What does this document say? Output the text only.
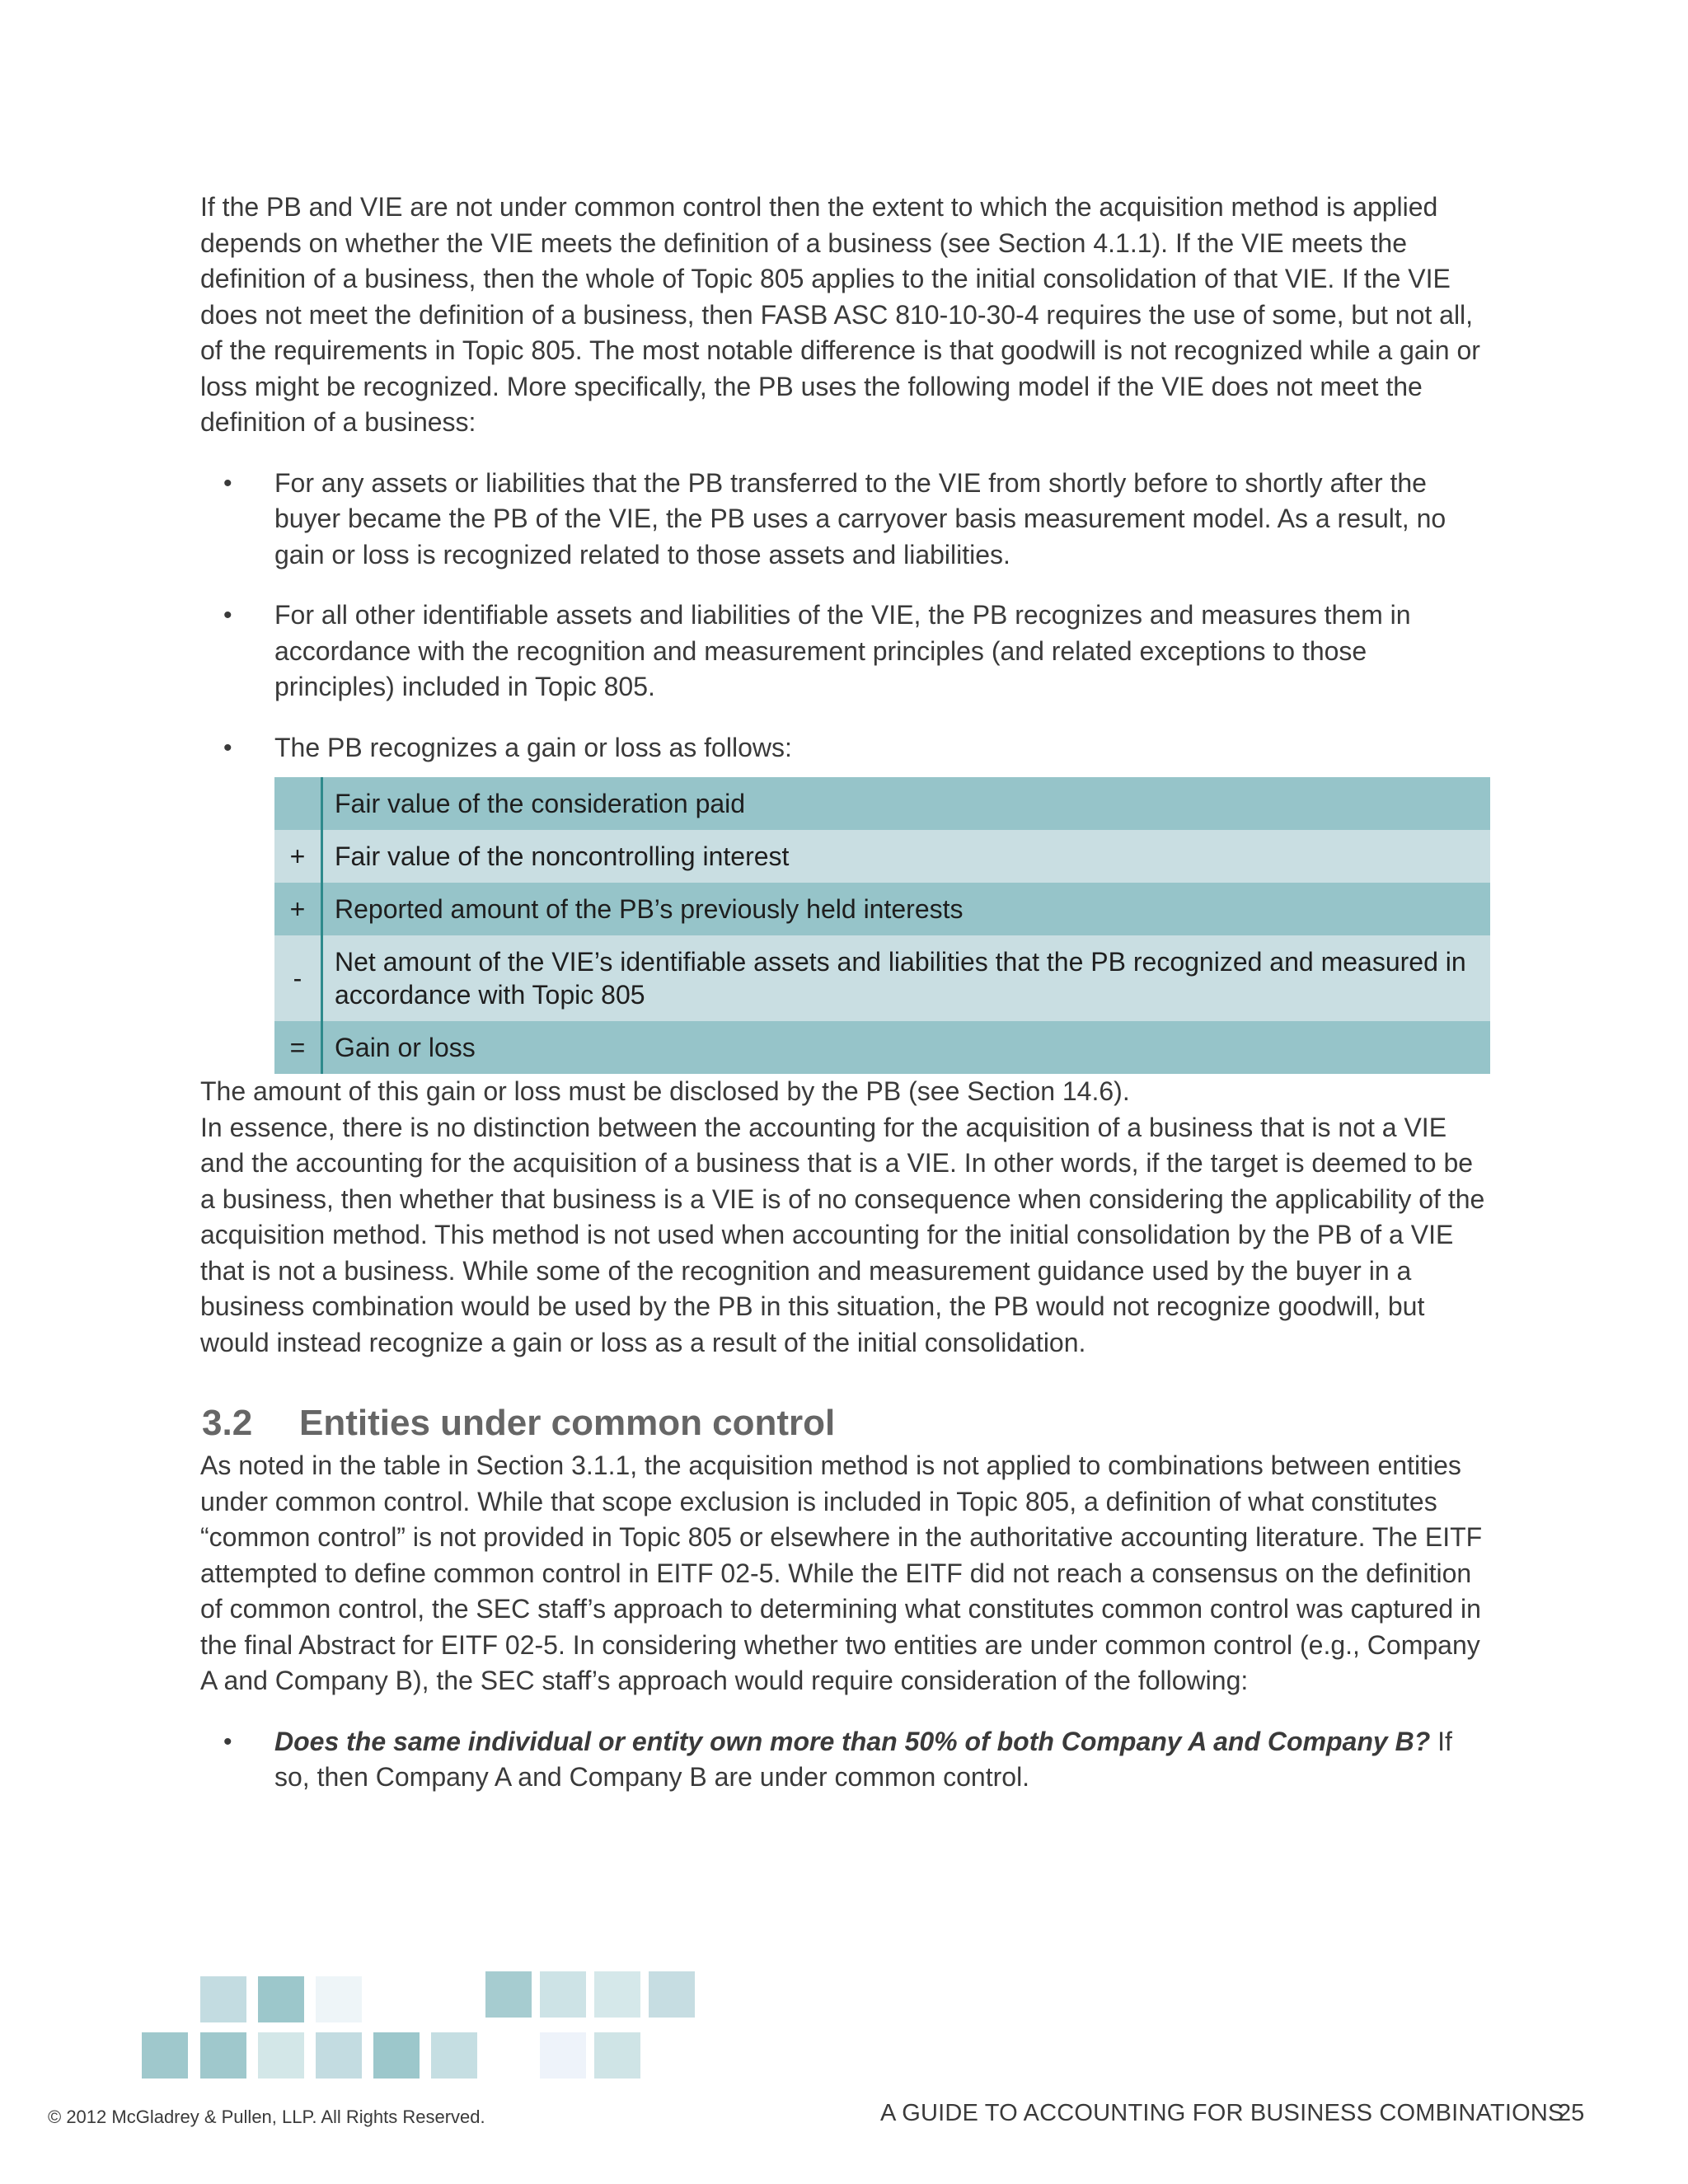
If the PB and VIE are not under common control then the extent to which the acquisition method is applied depends on whether the VIE meets the definition of a business (see Section 4.1.1). If the VIE meets the definition of a business, then the whole of Topic 805 applies to the initial consolidation of that VIE. If the VIE does not meet the definition of a business, then FASB ASC 810-10-30-4 requires the use of some, but not all, of the requirements in Topic 805. The most notable difference is that goodwill is not recognized while a gain or loss might be recognized. More specifically, the PB uses the following model if the VIE does not meet the definition of a business:

• For any assets or liabilities that the PB transferred to the VIE from shortly before to shortly after the buyer became the PB of the VIE, the PB uses a carryover basis measurement model. As a result, no gain or loss is recognized related to those assets and liabilities.
• For all other identifiable assets and liabilities of the VIE, the PB recognizes and measures them in accordance with the recognition and measurement principles (and related exceptions to those principles) included in Topic 805.
• The PB recognizes a gain or loss as follows:
	Fair value of the consideration paid
+	Fair value of the noncontrolling interest
+	Reported amount of the PB’s previously held interests
-	Net amount of the VIE’s identifiable assets and liabilities that the PB recognized and measured in accordance with Topic 805
=	Gain or loss

The amount of this gain or loss must be disclosed by the PB (see Section 14.6).

In essence, there is no distinction between the accounting for the acquisition of a business that is not a VIE and the accounting for the acquisition of a business that is a VIE. In other words, if the target is deemed to be a business, then whether that business is a VIE is of no consequence when considering the applicability of the acquisition method. This method is not used when accounting for the initial consolidation by the PB of a VIE that is not a business. While some of the recognition and measurement guidance used by the buyer in a business combination would be used by the PB in this situation, the PB would not recognize goodwill, but would instead recognize a gain or loss as a result of the initial consolidation.

3.2	Entities under common control

As noted in the table in Section 3.1.1, the acquisition method is not applied to combinations between entities under common control. While that scope exclusion is included in Topic 805, a definition of what constitutes “common control” is not provided in Topic 805 or elsewhere in the authoritative accounting literature. The EITF attempted to define common control in EITF 02-5. While the EITF did not reach a consensus on the definition of common control, the SEC staff’s approach to determining what constitutes common control was captured in the final Abstract for EITF 02-5. In considering whether two entities are under common control (e.g., Company A and Company B), the SEC staff’s approach would require consideration of the following:

• Does the same individual or entity own more than 50% of both Company A and Company B? If so, then Company A and Company B are under common control.
© 2012 McGladrey & Pullen, LLP. All Rights Reserved.	A GUIDE TO ACCOUNTING FOR BUSINESS COMBINATIONS
25
